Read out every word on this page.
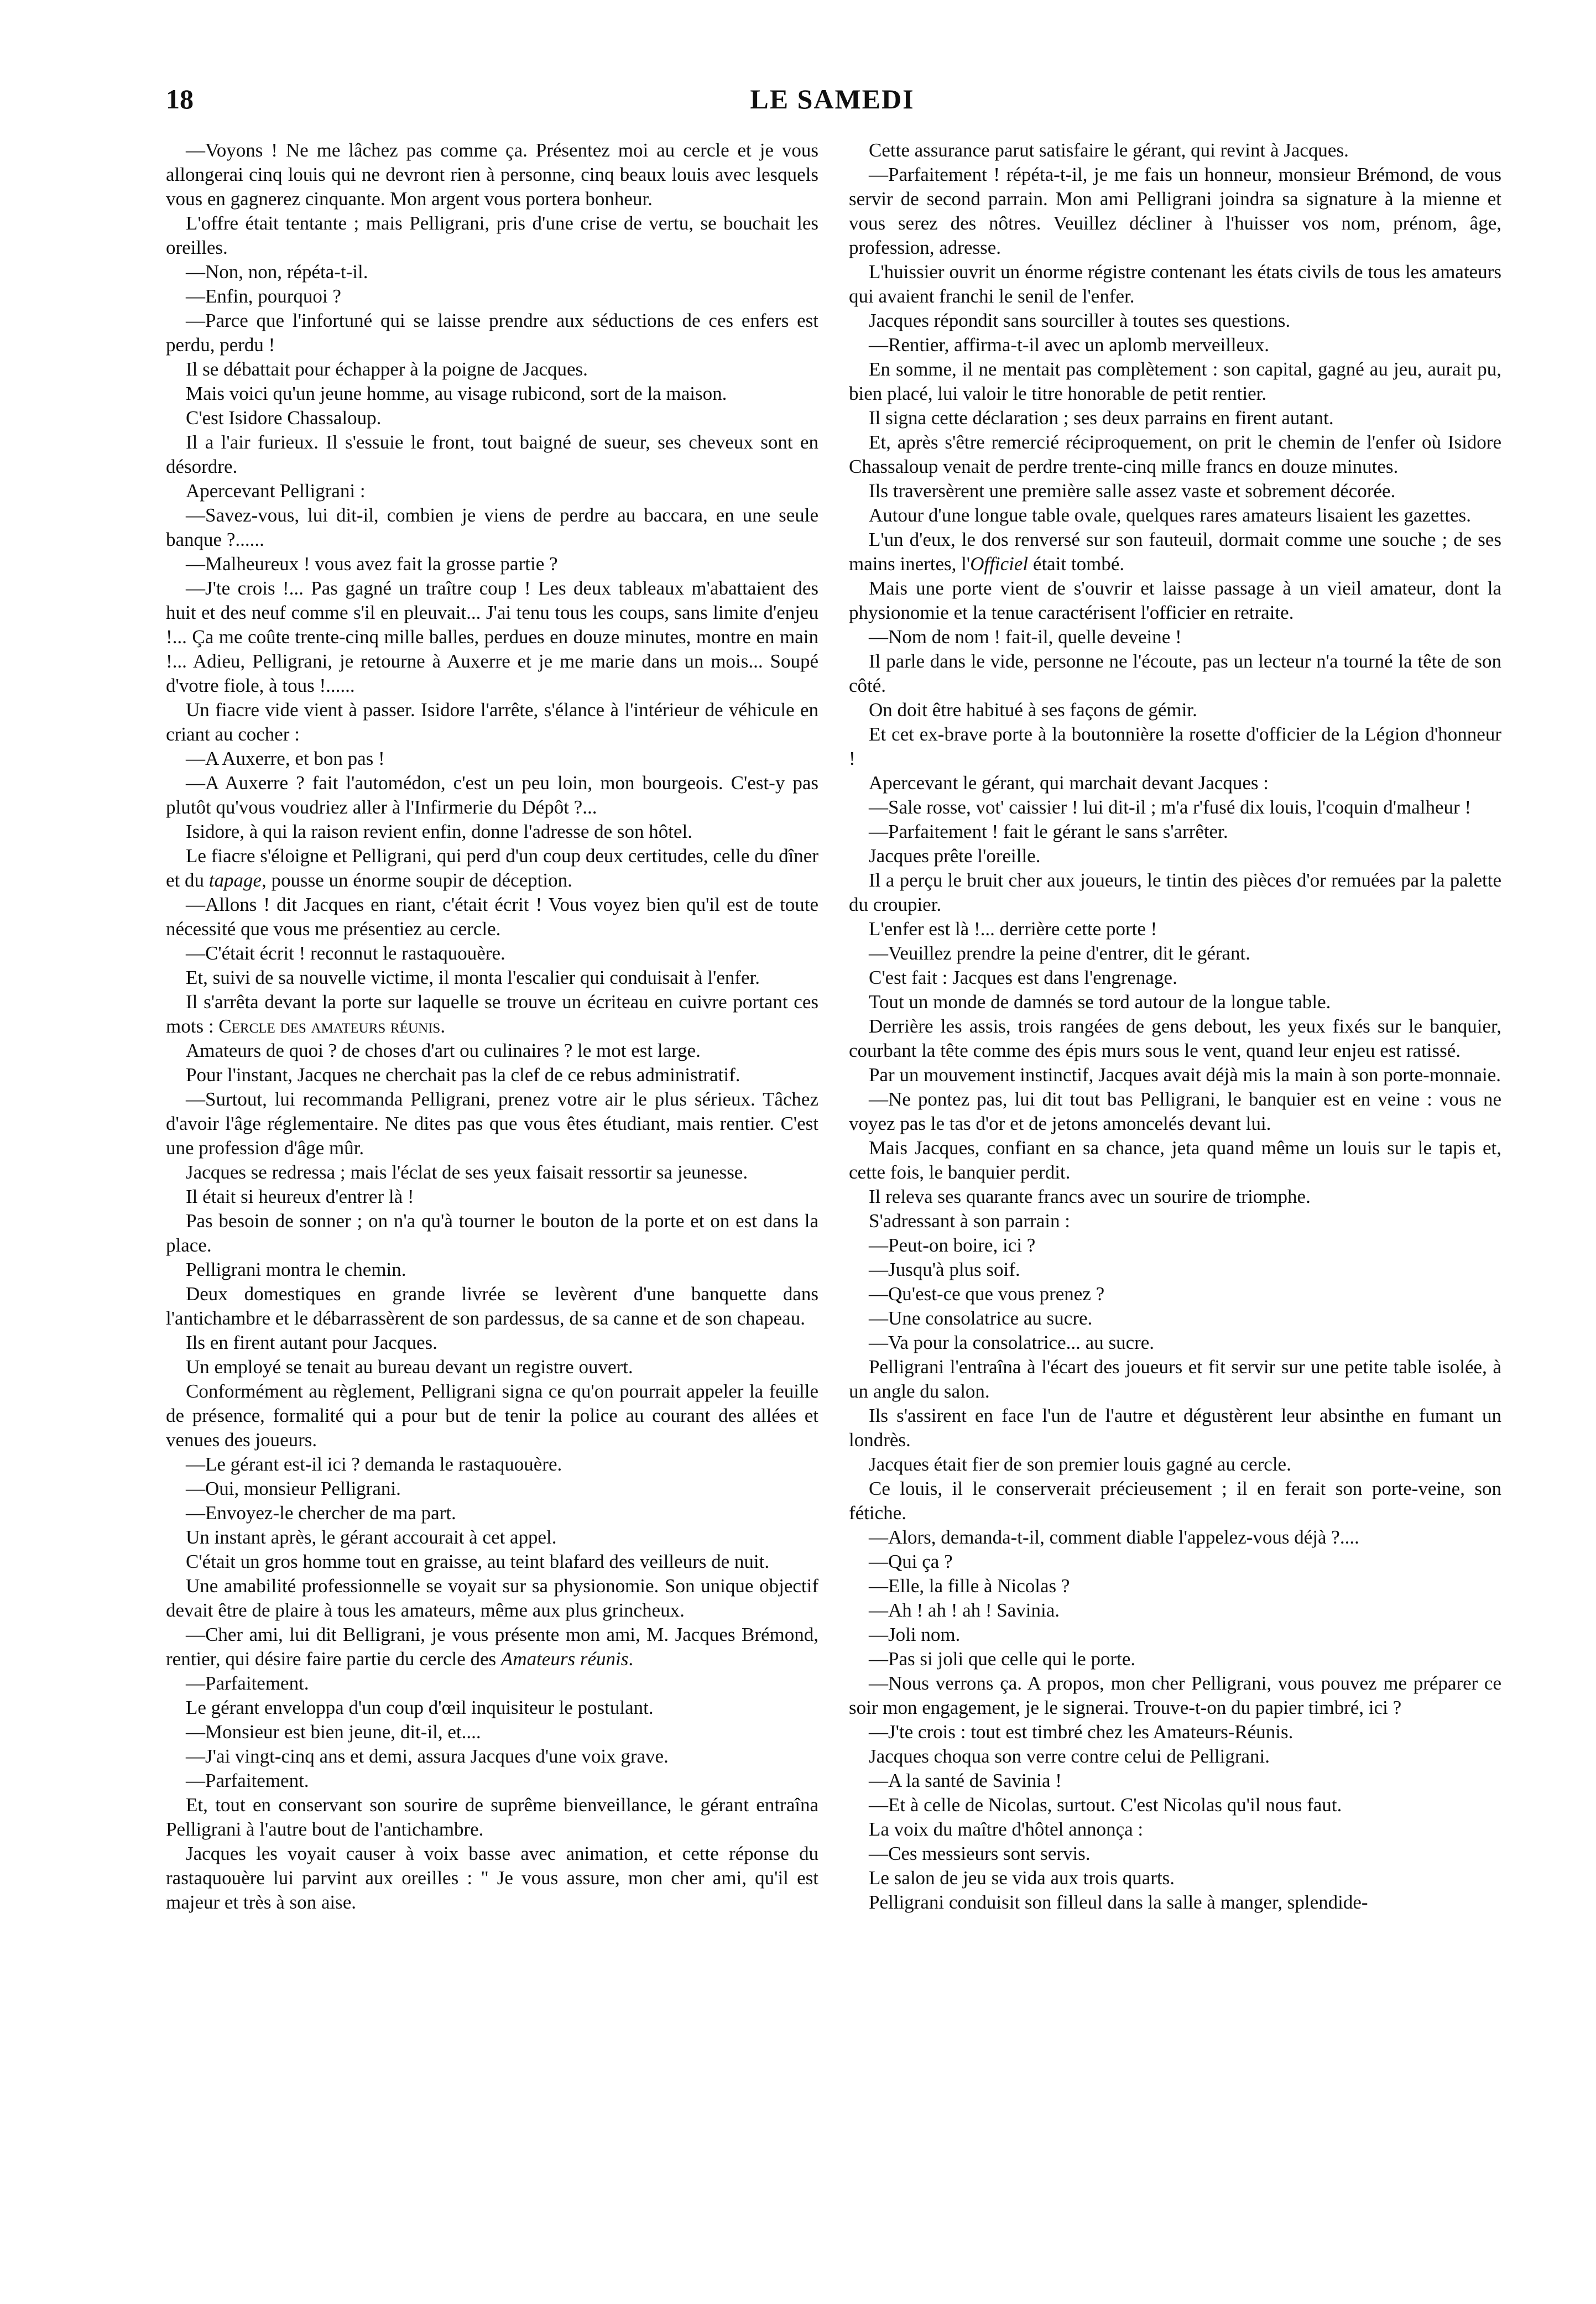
18	LE SAMEDI

—Voyons ! Ne me lâchez pas comme ça. Présentez moi au cercle et je vous allongerai cinq louis qui ne devront rien à personne, cinq beaux louis avec lesquels vous en gagnerez cinquante. Mon argent vous portera bonheur.

L'offre était tentante ; mais Pelligrani, pris d'une crise de vertu, se bouchait les oreilles.

—Non, non, répéta-t-il.

—Enfin, pourquoi ?

—Parce que l'infortuné qui se laisse prendre aux séductions de ces enfers est perdu, perdu !

Il se débattait pour échapper à la poigne de Jacques.

Mais voici qu'un jeune homme, au visage rubicond, sort de la maison.

C'est Isidore Chassaloup.

Il a l'air furieux. Il s'essuie le front, tout baigné de sueur, ses cheveux sont en désordre.

Apercevant Pelligrani :

—Savez-vous, lui dit-il, combien je viens de perdre au baccara, en une seule banque ?......

—Malheureux ! vous avez fait la grosse partie ?

—J'te crois !... Pas gagné un traître coup ! Les deux tableaux m'abattaient des huit et des neuf comme s'il en pleuvait... J'ai tenu tous les coups, sans limite d'enjeu !... Ça me coûte trente-cinq mille balles, perdues en douze minutes, montre en main !... Adieu, Pelligrani, je retourne à Auxerre et je me marie dans un mois... Soupé d'votre fiole, à tous !......

Un fiacre vide vient à passer. Isidore l'arrête, s'élance à l'intérieur de véhicule en criant au cocher :

—A Auxerre, et bon pas !

—A Auxerre ? fait l'automédon, c'est un peu loin, mon bourgeois. C'est-y pas plutôt qu'vous voudriez aller à l'Infirmerie du Dépôt ?...

Isidore, à qui la raison revient enfin, donne l'adresse de son hôtel.

Le fiacre s'éloigne et Pelligrani, qui perd d'un coup deux certitudes, celle du dîner et du tapage, pousse un énorme soupir de déception.

—Allons ! dit Jacques en riant, c'était écrit ! Vous voyez bien qu'il est de toute nécessité que vous me présentiez au cercle.

—C'était écrit ! reconnut le rastaquouère.

Et, suivi de sa nouvelle victime, il monta l'escalier qui conduisait à l'enfer.

Il s'arrêta devant la porte sur laquelle se trouve un écriteau en cuivre portant ces mots : Cercle des amateurs réunis.

Amateurs de quoi ? de choses d'art ou culinaires ? le mot est large.

Pour l'instant, Jacques ne cherchait pas la clef de ce rebus administratif.

—Surtout, lui recommanda Pelligrani, prenez votre air le plus sérieux. Tâchez d'avoir l'âge réglementaire. Ne dites pas que vous êtes étudiant, mais rentier. C'est une profession d'âge mûr.

Jacques se redressa ; mais l'éclat de ses yeux faisait ressortir sa jeunesse.

Il était si heureux d'entrer là !

Pas besoin de sonner ; on n'a qu'à tourner le bouton de la porte et on est dans la place.

Pelligrani montra le chemin.

Deux domestiques en grande livrée se levèrent d'une banquette dans l'antichambre et le débarrassèrent de son pardessus, de sa canne et de son chapeau.

Ils en firent autant pour Jacques.

Un employé se tenait au bureau devant un registre ouvert.

Conformément au règlement, Pelligrani signa ce qu'on pourrait appeler la feuille de présence, formalité qui a pour but de tenir la police au courant des allées et venues des joueurs.

—Le gérant est-il ici ? demanda le rastaquouère.

—Oui, monsieur Pelligrani.

—Envoyez-le chercher de ma part.

Un instant après, le gérant accourait à cet appel.

C'était un gros homme tout en graisse, au teint blafard des veilleurs de nuit.

Une amabilité professionnelle se voyait sur sa physionomie. Son unique objectif devait être de plaire à tous les amateurs, même aux plus grincheux.

—Cher ami, lui dit Belligrani, je vous présente mon ami, M. Jacques Brémond, rentier, qui désire faire partie du cercle des Amateurs réunis.

—Parfaitement.

Le gérant enveloppa d'un coup d'œil inquisiteur le postulant.

—Monsieur est bien jeune, dit-il, et....

—J'ai vingt-cinq ans et demi, assura Jacques d'une voix grave.

—Parfaitement.

Et, tout en conservant son sourire de suprême bienveillance, le gérant entraîna Pelligrani à l'autre bout de l'antichambre.

Jacques les voyait causer à voix basse avec animation, et cette réponse du rastaquouère lui parvint aux oreilles : " Je vous assure, mon cher ami, qu'il est majeur et très à son aise.

Cette assurance parut satisfaire le gérant, qui revint à Jacques.

—Parfaitement ! répéta-t-il, je me fais un honneur, monsieur Brémond, de vous servir de second parrain. Mon ami Pelligrani joindra sa signature à la mienne et vous serez des nôtres. Veuillez décliner à l'huisser vos nom, prénom, âge, profession, adresse.

L'huissier ouvrit un énorme régistre contenant les états civils de tous les amateurs qui avaient franchi le senil de l'enfer.

Jacques répondit sans sourciller à toutes ses questions.

—Rentier, affirma-t-il avec un aplomb merveilleux.

En somme, il ne mentait pas complètement : son capital, gagné au jeu, aurait pu, bien placé, lui valoir le titre honorable de petit rentier.

Il signa cette déclaration ; ses deux parrains en firent autant.

Et, après s'être remercié réciproquement, on prit le chemin de l'enfer où Isidore Chassaloup venait de perdre trente-cinq mille francs en douze minutes.

Ils traversèrent une première salle assez vaste et sobrement décorée.

Autour d'une longue table ovale, quelques rares amateurs lisaient les gazettes.

L'un d'eux, le dos renversé sur son fauteuil, dormait comme une souche ; de ses mains inertes, l'Officiel était tombé.

Mais une porte vient de s'ouvrir et laisse passage à un vieil amateur, dont la physionomie et la tenue caractérisent l'officier en retraite.

—Nom de nom ! fait-il, quelle deveine !

Il parle dans le vide, personne ne l'écoute, pas un lecteur n'a tourné la tête de son côté.

On doit être habitué à ses façons de gémir.

Et cet ex-brave porte à la boutonnière la rosette d'officier de la Légion d'honneur !

Apercevant le gérant, qui marchait devant Jacques :

—Sale rosse, vot' caissier ! lui dit-il ; m'a r'fusé dix louis, l'coquin d'malheur !

—Parfaitement ! fait le gérant le sans s'arrêter.

Jacques prête l'oreille.

Il a perçu le bruit cher aux joueurs, le tintin des pièces d'or remuées par la palette du croupier.

L'enfer est là !... derrière cette porte !

—Veuillez prendre la peine d'entrer, dit le gérant.

C'est fait : Jacques est dans l'engrenage.

Tout un monde de damnés se tord autour de la longue table.

Derrière les assis, trois rangées de gens debout, les yeux fixés sur le banquier, courbant la tête comme des épis murs sous le vent, quand leur enjeu est ratissé.

Par un mouvement instinctif, Jacques avait déjà mis la main à son porte-monnaie.

—Ne pontez pas, lui dit tout bas Pelligrani, le banquier est en veine : vous ne voyez pas le tas d'or et de jetons amoncelés devant lui.

Mais Jacques, confiant en sa chance, jeta quand même un louis sur le tapis et, cette fois, le banquier perdit.

Il releva ses quarante francs avec un sourire de triomphe.

S'adressant à son parrain :

—Peut-on boire, ici ?

—Jusqu'à plus soif.

—Qu'est-ce que vous prenez ?

—Une consolatrice au sucre.

—Va pour la consolatrice... au sucre.

Pelligrani l'entraîna à l'écart des joueurs et fit servir sur une petite table isolée, à un angle du salon.

Ils s'assirent en face l'un de l'autre et dégustèrent leur absinthe en fumant un londrès.

Jacques était fier de son premier louis gagné au cercle.

Ce louis, il le conserverait précieusement ; il en ferait son porte-veine, son fétiche.

—Alors, demanda-t-il, comment diable l'appelez-vous déjà ?....

—Qui ça ?

—Elle, la fille à Nicolas ?

—Ah ! ah ! ah ! Savinia.

—Joli nom.

—Pas si joli que celle qui le porte.

—Nous verrons ça. A propos, mon cher Pelligrani, vous pouvez me préparer ce soir mon engagement, je le signerai. Trouve-t-on du papier timbré, ici ?

—J'te crois : tout est timbré chez les Amateurs-Réunis.

Jacques choqua son verre contre celui de Pelligrani.

—A la santé de Savinia !

—Et à celle de Nicolas, surtout. C'est Nicolas qu'il nous faut.

La voix du maître d'hôtel annonça :

—Ces messieurs sont servis.

Le salon de jeu se vida aux trois quarts.

Pelligrani conduisit son filleul dans la salle à manger, splendide-
